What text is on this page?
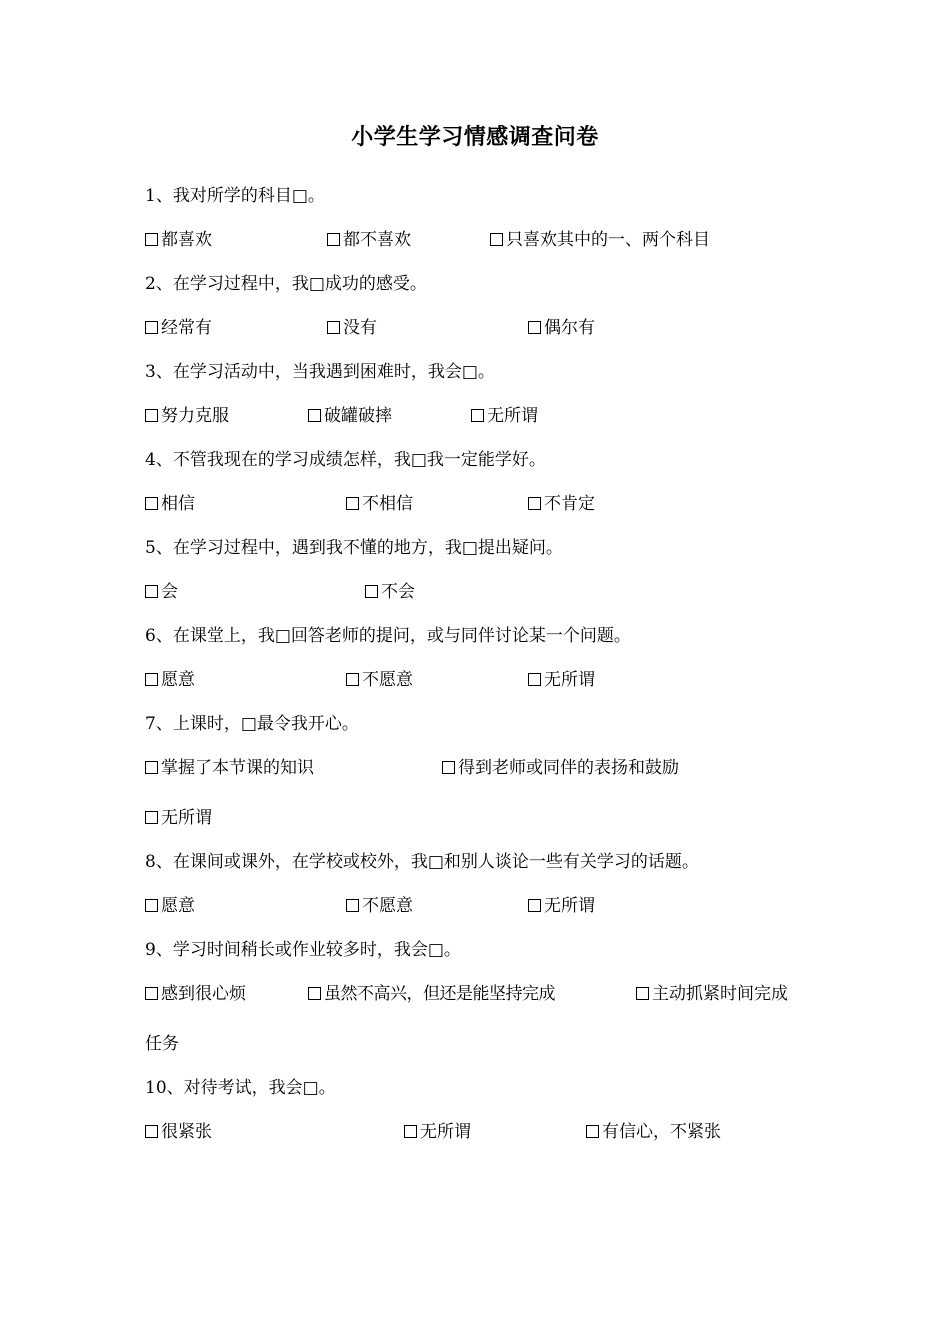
小学生学习情感调查问卷
1、我对所学的科目□。
都喜欢	都不喜欢	只喜欢其中的一、两个科目
2、在学习过程中，我□成功的感受。
经常有	没有	偶尔有
3、在学习活动中，当我遇到困难时，我会□。
努力克服	破罐破摔	无所谓
4、不管我现在的学习成绩怎样，我□我一定能学好。
相信	不相信	不肯定
5、在学习过程中，遇到我不懂的地方，我□提出疑问。
会	不会
6、在课堂上，我□回答老师的提问，或与同伴讨论某一个问题。
愿意	不愿意	无所谓
7、上课时，□最令我开心。
掌握了本节课的知识	得到老师或同伴的表扬和鼓励
无所谓
8、在课间或课外，在学校或校外，我□和别人谈论一些有关学习的话题。
愿意	不愿意	无所谓
9、学习时间稍长或作业较多时，我会□。
感到很心烦	虽然不高兴，但还是能坚持完成	主动抓紧时间完成
任务
10、对待考试，我会□。
很紧张	无所谓	有信心，不紧张
